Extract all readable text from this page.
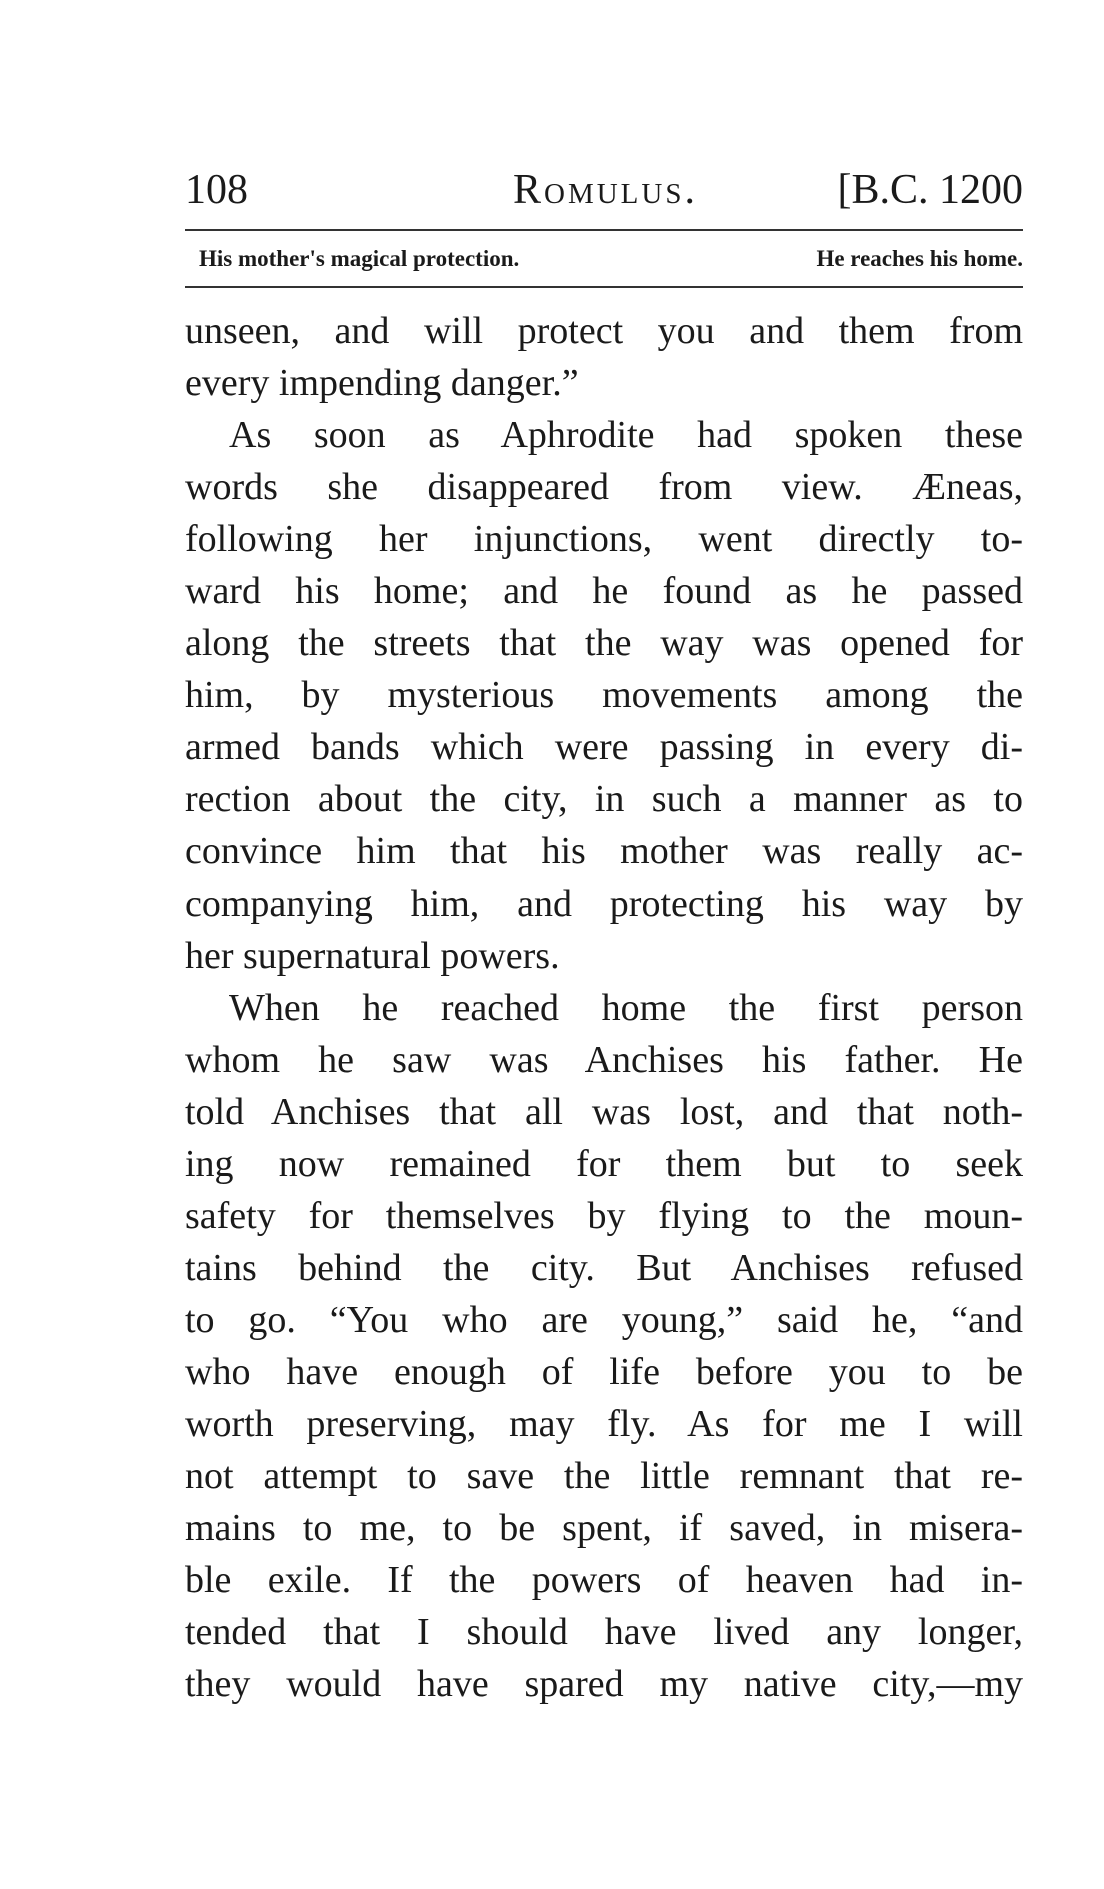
108	Romulus.	[B.C. 1200
His mother's magical protection.	He reaches his home.
unseen, and will protect you and them from
every impending danger.”
As soon as Aphrodite had spoken these
words she disappeared from view. Æneas,
following her injunctions, went directly to-
ward his home; and he found as he passed
along the streets that the way was opened for
him, by mysterious movements among the
armed bands which were passing in every di-
rection about the city, in such a manner as to
convince him that his mother was really ac-
companying him, and protecting his way by
her supernatural powers.
When he reached home the first person
whom he saw was Anchises his father. He
told Anchises that all was lost, and that noth-
ing now remained for them but to seek
safety for themselves by flying to the moun-
tains behind the city. But Anchises refused
to go. “You who are young,” said he, “and
who have enough of life before you to be
worth preserving, may fly. As for me I will
not attempt to save the little remnant that re-
mains to me, to be spent, if saved, in misera-
ble exile. If the powers of heaven had in-
tended that I should have lived any longer,
they would have spared my native city,—my
